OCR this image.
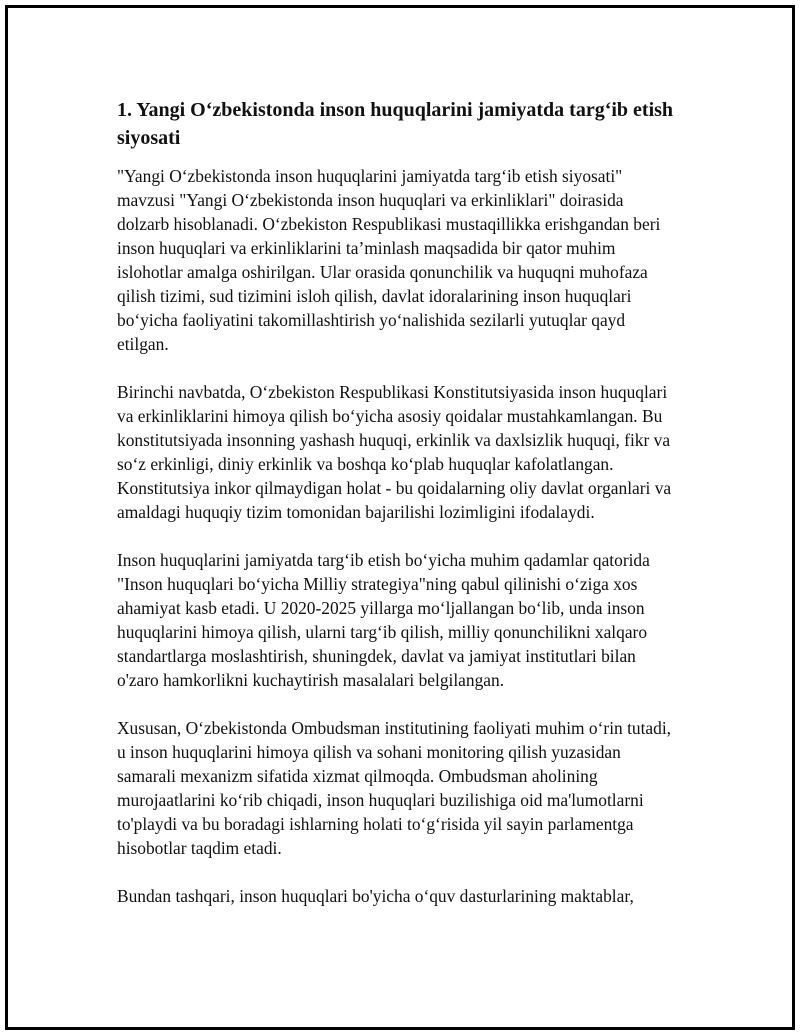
1. Yangi O‘zbekistonda inson huquqlarini jamiyatda targ‘ib etish siyosati

"Yangi O‘zbekistonda inson huquqlarini jamiyatda targ‘ib etish siyosati" mavzusi "Yangi O‘zbekistonda inson huquqlari va erkinliklari" doirasida dolzarb hisoblanadi. O‘zbekiston Respublikasi mustaqillikka erishgandan beri inson huquqlari va erkinliklarini ta’minlash maqsadida bir qator muhim islohotlar amalga oshirilgan. Ular orasida qonunchilik va huquqni muhofaza qilish tizimi, sud tizimini isloh qilish, davlat idoralarining inson huquqlari bo‘yicha faoliyatini takomillashtirish yo‘nalishida sezilarli yutuqlar qayd etilgan.

Birinchi navbatda, O‘zbekiston Respublikasi Konstitutsiyasida inson huquqlari va erkinliklarini himoya qilish bo‘yicha asosiy qoidalar mustahkamlangan. Bu konstitutsiyada insonning yashash huquqi, erkinlik va daxlsizlik huquqi, fikr va so‘z erkinligi, diniy erkinlik va boshqa ko‘plab huquqlar kafolatlangan. Konstitutsiya inkor qilmaydigan holat - bu qoidalarning oliy davlat organlari va amaldagi huquqiy tizim tomonidan bajarilishi lozimligini ifodalaydi.

Inson huquqlarini jamiyatda targ‘ib etish bo‘yicha muhim qadamlar qatorida "Inson huquqlari bo‘yicha Milliy strategiya"ning qabul qilinishi o‘ziga xos ahamiyat kasb etadi. U 2020-2025 yillarga mo‘ljallangan bo‘lib, unda inson huquqlarini himoya qilish, ularni targ‘ib qilish, milliy qonunchilikni xalqaro standartlarga moslashtirish, shuningdek, davlat va jamiyat institutlari bilan o'zaro hamkorlikni kuchaytirish masalalari belgilangan.

Xususan, O‘zbekistonda Ombudsman institutining faoliyati muhim o‘rin tutadi, u inson huquqlarini himoya qilish va sohani monitoring qilish yuzasidan samarali mexanizm sifatida xizmat qilmoqda. Ombudsman aholining murojaatlarini ko‘rib chiqadi, inson huquqlari buzilishiga oid ma'lumotlarni to'playdi va bu boradagi ishlarning holati to‘g‘risida yil sayin parlamentga hisobotlar taqdim etadi.

Bundan tashqari, inson huquqlari bo'yicha o‘quv dasturlarining maktablar,
